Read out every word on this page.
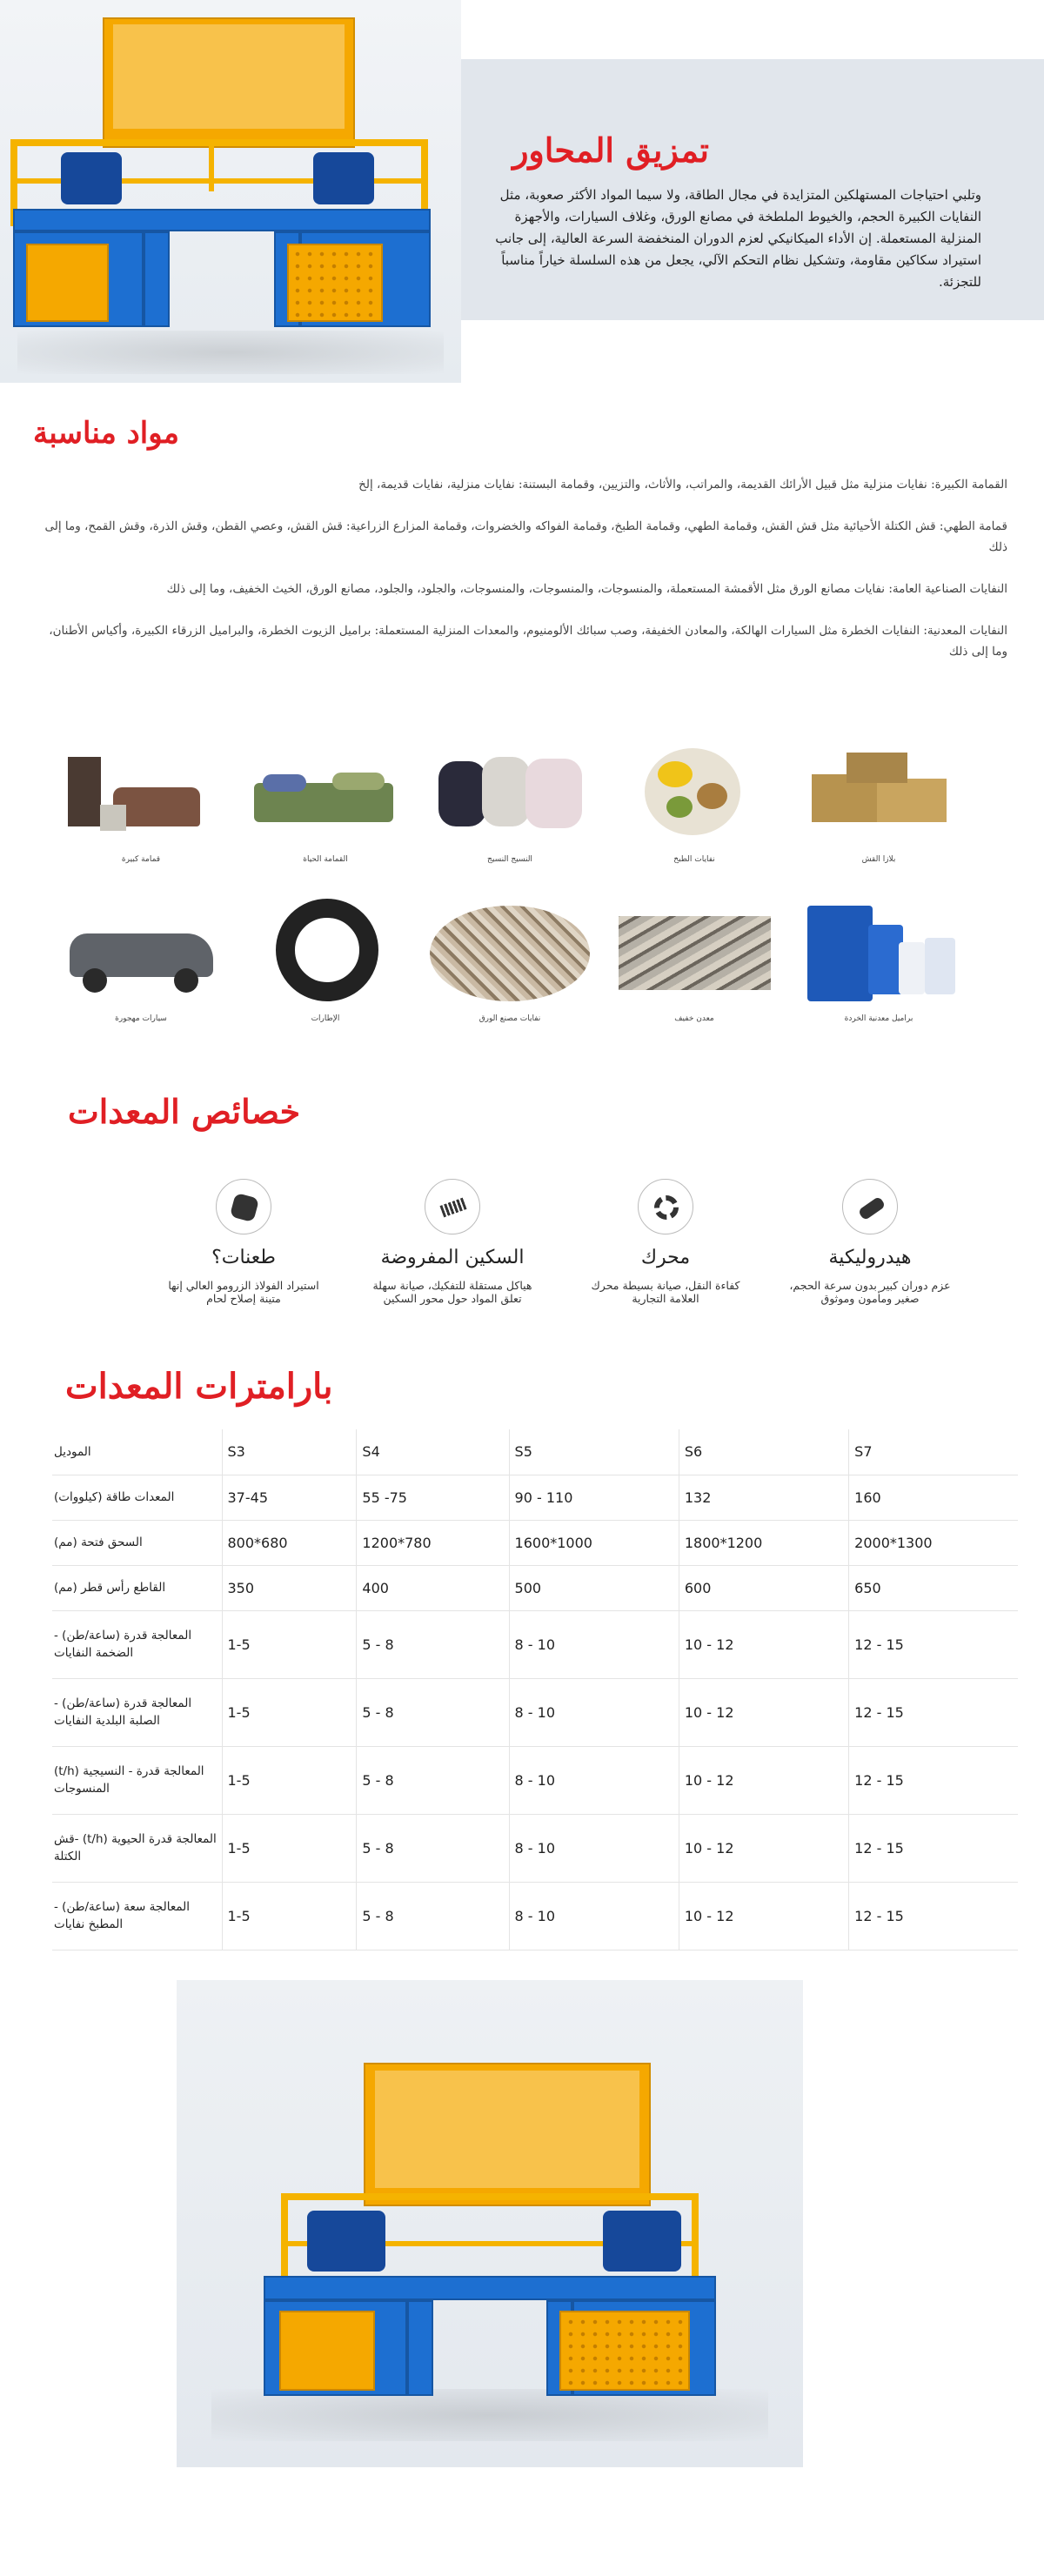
تمزيق المحاور

وتلبي احتياجات المستهلكين المتزايدة في مجال الطاقة، ولا سيما المواد الأكثر صعوبة، مثل النفايات الكبيرة الحجم، والخيوط الملطخة في مصانع الورق، وغلاف السيارات، والأجهزة المنزلية المستعملة. إن الأداء الميكانيكي لعزم الدوران المنخفضة السرعة العالية، إلى جانب استيراد سكاكين مقاومة، وتشكيل نظام التحكم الآلي، يجعل من هذه السلسلة خياراً مناسباً للتجزئة.

مواد مناسبة

القمامة الكبيرة: نفايات منزلية مثل قبيل الأرائك القديمة، والمراتب، والأثاث، والتزيين، وقمامة البستنة: نفايات منزلية، نفايات قديمة، إلخ

قمامة الطهي: قش الكتلة الأحيائية مثل قش القش، وقمامة الطهي، وقمامة الطبخ، وقمامة الفواكه والخضروات، وقمامة المزارع الزراعية: قش القش، وعصي القطن، وقش الذرة، وقش القمح، وما إلى ذلك

النفايات الصناعية العامة: نفايات مصانع الورق مثل الأقمشة المستعملة، والمنسوجات، والمنسوجات، والمنسوجات، والجلود، والجلود، مصانع الورق، الخيث الخفيف، وما إلى ذلك

النفايات المعدنية: النفايات الخطرة مثل السيارات الهالكة، والمعادن الخفيفة، وصب سبائك الألومنيوم، والمعدات المنزلية المستعملة: براميل الزيوت الخطرة، والبراميل الزرقاء الكبيرة، وأكياس الأطنان، وما إلى ذلك

قمامة كبيرة	القمامة الحياة	النسيج النسيج	نفايات الطبخ	بلازا القش
سيارات مهجورة	الإطارات	نفايات مصنع الورق	معدن خفيف	براميل معدنية الخردة
خصائص المعدات
طعنات؟
استيراد الفولاذ الزرومو العالي إنها متينة إصلاح لحام
السكين المفروضة
هياكل مستقلة للتفكيك، صيانة سهلة تعلق المواد حول محور السكين
محرك
كفاءة النقل، صيانة بسيطة محرك العلامة التجارية
هيدروليكية
عزم دوران كبير بدون سرعة الحجم، صغير ومأمون وموثوق
بارامترات المعدات
الموديل	S3	S4	S5	S6	S7
(كيلووات) المعدات طاقة	37-45	55 -75	90 - 110	132	160
(مم) السحق فتحة	800*680	1200*780	1600*1000	1800*1200	2000*1300
(مم) القاطع رأس قطر	350	400	500	600	650
- (ساعة/طن) المعالجة قدرة الضخمة النفايات	1-5	5 - 8	8 - 10	10 - 12	12 - 15
- (ساعة/طن) المعالجة قدرة الصلبة البلدية النفايات	1-5	5 - 8	8 - 10	10 - 12	12 - 15
(t/h) المعالجة قدرة - النسيجية المنسوجات	1-5	5 - 8	8 - 10	10 - 12	12 - 15
قش- (t/h) المعالجة قدرة الحيوية الكتلة	1-5	5 - 8	8 - 10	10 - 12	12 - 15
- (ساعة/طن) المعالجة سعة المطبخ نفايات	1-5	5 - 8	8 - 10	10 - 12	12 - 15
